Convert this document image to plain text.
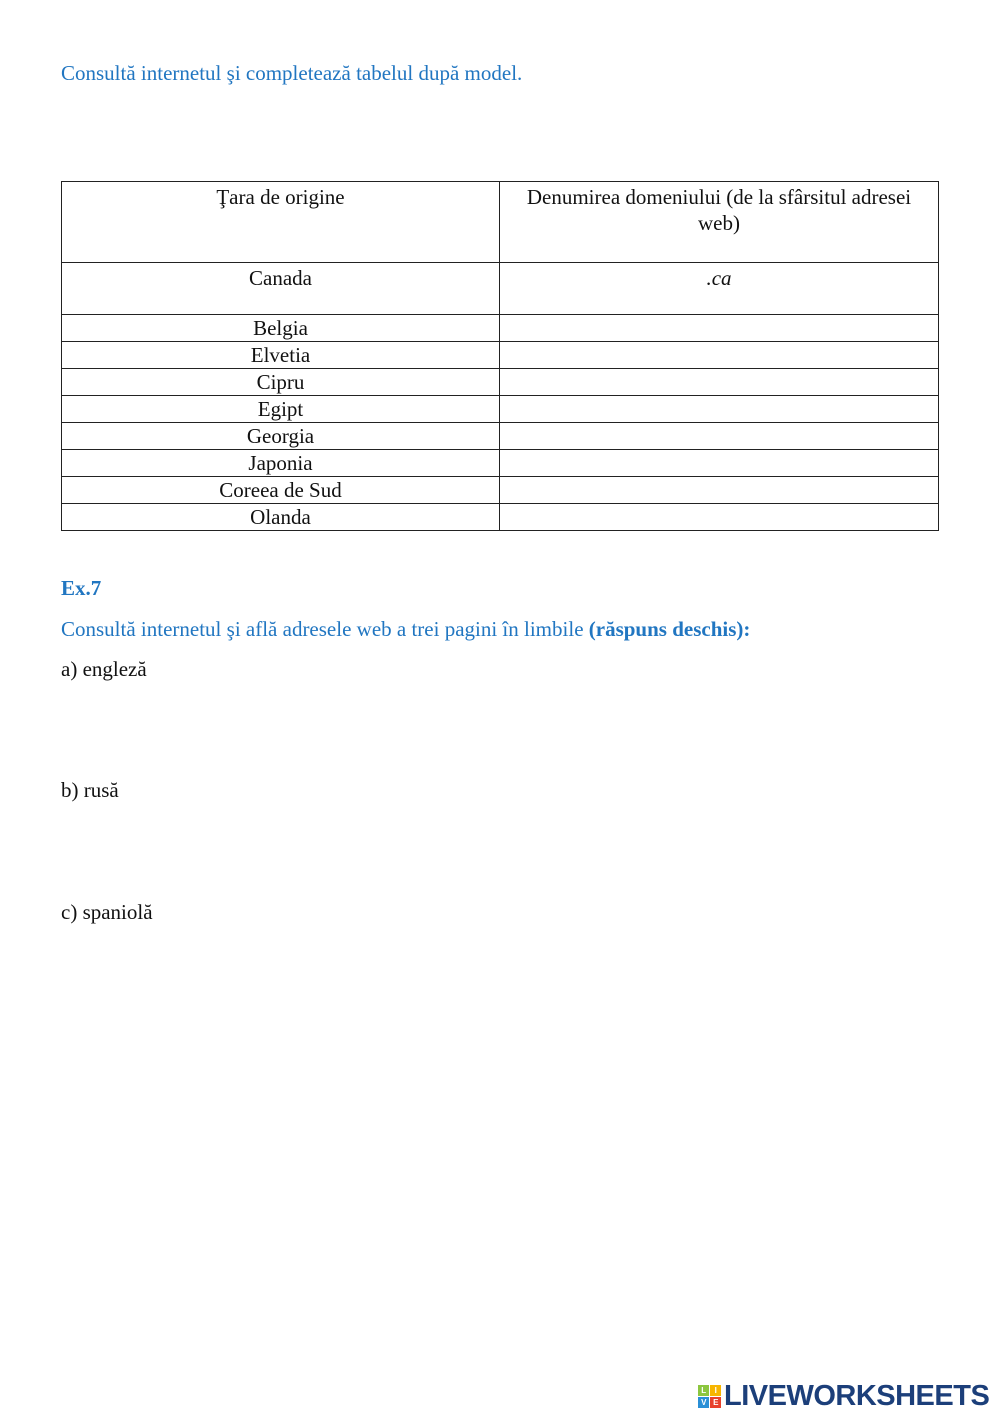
Consultă internetul şi completează tabelul după model.
Ţara de origine	Denumirea domeniului (de la sfârsitul adresei web)
Canada	.ca
Belgia	
Elvetia	
Cipru	
Egipt	
Georgia	
Japonia	
Coreea de Sud	
Olanda	
Ex.7
Consultă internetul şi află adresele web a trei pagini în limbile (răspuns deschis):
a) engleză
b) rusă
c) spaniolă
L	I
V E LIVEWORKSHEETS
